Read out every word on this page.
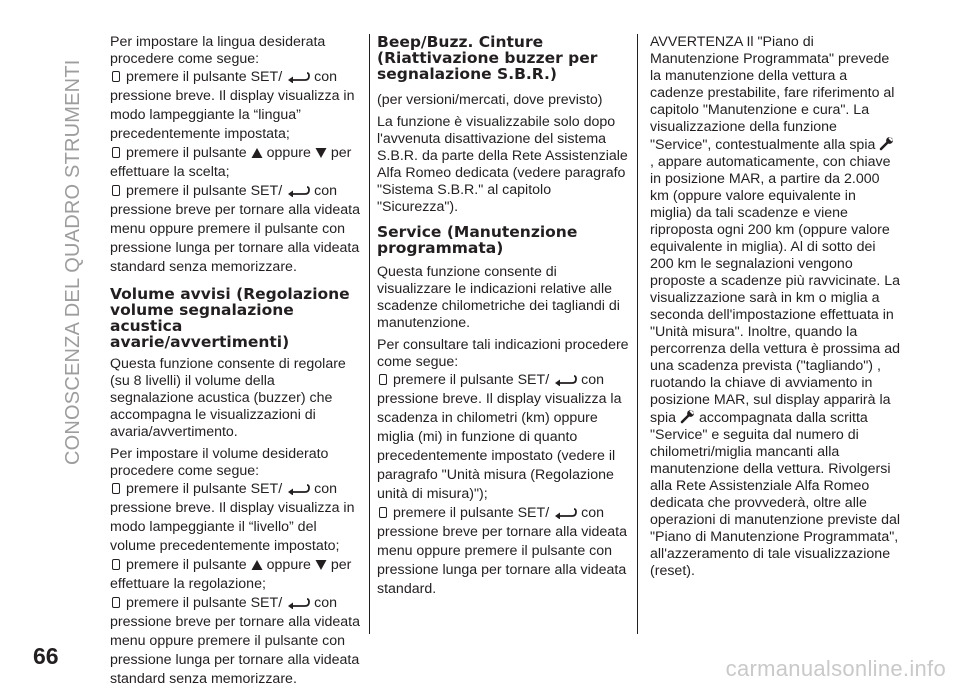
CONOSCENZA DEL QUADRO STRUMENTI
66	carmanualsonline.info

Per impostare la lingua desiderata procedere come segue:

premere il pulsante SET/ con
pressione breve. Il display visualizza in
modo lampeggiante la “lingua”
precedentemente impostata;
premere il pulsante oppure per
effettuare la scelta;
premere il pulsante SET/ con
pressione breve per tornare alla videata
menu oppure premere il pulsante con
pressione lunga per tornare alla videata
standard senza memorizzare.
Volume avvisi (Regolazione volume segnalazione acustica avarie/avvertimenti)

Questa funzione consente di regolare (su 8 livelli) il volume della segnalazione acustica (buzzer) che accompagna le visualizzazioni di avaria/avvertimento.

Per impostare il volume desiderato procedere come segue:

premere il pulsante SET/ con
pressione breve. Il display visualizza in
modo lampeggiante il “livello” del
volume precedentemente impostato;
premere il pulsante oppure per
effettuare la regolazione;
premere il pulsante SET/ con
pressione breve per tornare alla videata
menu oppure premere il pulsante con
pressione lunga per tornare alla videata
standard senza memorizzare.
Beep/Buzz. Cinture (Riattivazione buzzer per segnalazione S.B.R.)

(per versioni/mercati, dove previsto)

La funzione è visualizzabile solo dopo l'avvenuta disattivazione del sistema S.B.R. da parte della Rete Assistenziale Alfa Romeo dedicata (vedere paragrafo "Sistema S.B.R." al capitolo "Sicurezza").

Service (Manutenzione programmata)

Questa funzione consente di visualizzare le indicazioni relative alle scadenze chilometriche dei tagliandi di manutenzione.

Per consultare tali indicazioni procedere come segue:

premere il pulsante SET/ con
pressione breve. Il display visualizza la
scadenza in chilometri (km) oppure
miglia (mi) in funzione di quanto
precedentemente impostato (vedere il
paragrafo "Unità misura (Regolazione
unità di misura)");
premere il pulsante SET/ con
pressione breve per tornare alla videata
menu oppure premere il pulsante con
pressione lunga per tornare alla videata
standard.

AVVERTENZA Il "Piano di Manutenzione Programmata" prevede la manutenzione della vettura a cadenze prestabilite, fare riferimento al capitolo "Manutenzione e cura". La visualizzazione della funzione "Service", contestualmente alla spia
, appare automaticamente, con chiave in posizione MAR, a partire da 2.000 km (oppure valore equivalente in miglia) da tali scadenze e viene riproposta ogni 200 km (oppure valore equivalente in miglia). Al di sotto dei 200 km le segnalazioni vengono proposte a scadenze più ravvicinate. La visualizzazione sarà in km o miglia a seconda dell'impostazione effettuata in "Unità misura". Inoltre, quando la percorrenza della vettura è prossima ad una scadenza prevista ("tagliando") , ruotando la chiave di avviamento in posizione MAR, sul display apparirà la spia accompagnata dalla scritta "Service" e seguita dal numero di chilometri/miglia mancanti alla manutenzione della vettura. Rivolgersi alla Rete Assistenziale Alfa Romeo dedicata che provvederà, oltre alle operazioni di manutenzione previste dal "Piano di Manutenzione Programmata", all'azzeramento di tale visualizzazione (reset).
